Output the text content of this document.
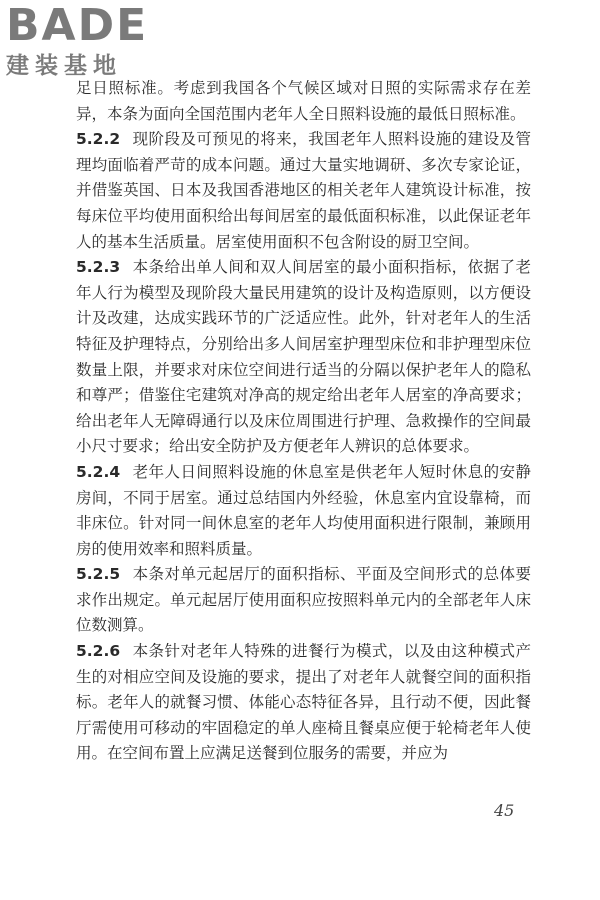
BADE
建装基地

足日照标准。考虑到我国各个气候区域对日照的实际需求存在差异，本条为面向全国范围内老年人全日照料设施的最低日照标准。

5.2.2 现阶段及可预见的将来，我国老年人照料设施的建设及管理均面临着严苛的成本问题。通过大量实地调研、多次专家论证，并借鉴英国、日本及我国香港地区的相关老年人建筑设计标准，按每床位平均使用面积给出每间居室的最低面积标准，以此保证老年人的基本生活质量。居室使用面积不包含附设的厨卫空间。

5.2.3 本条给出单人间和双人间居室的最小面积指标，依据了老年人行为模型及现阶段大量民用建筑的设计及构造原则，以方便设计及改建，达成实践环节的广泛适应性。此外，针对老年人的生活特征及护理特点，分别给出多人间居室护理型床位和非护理型床位数量上限，并要求对床位空间进行适当的分隔以保护老年人的隐私和尊严；借鉴住宅建筑对净高的规定给出老年人居室的净高要求；给出老年人无障碍通行以及床位周围进行护理、急救操作的空间最小尺寸要求；给出安全防护及方便老年人辨识的总体要求。

5.2.4 老年人日间照料设施的休息室是供老年人短时休息的安静房间，不同于居室。通过总结国内外经验，休息室内宜设靠椅，而非床位。针对同一间休息室的老年人均使用面积进行限制，兼顾用房的使用效率和照料质量。

5.2.5 本条对单元起居厅的面积指标、平面及空间形式的总体要求作出规定。单元起居厅使用面积应按照料单元内的全部老年人床位数测算。

5.2.6 本条针对老年人特殊的进餐行为模式，以及由这种模式产生的对相应空间及设施的要求，提出了对老年人就餐空间的面积指标。老年人的就餐习惯、体能心态特征各异，且行动不便，因此餐厅需使用可移动的牢固稳定的单人座椅且餐桌应便于轮椅老年人使用。在空间布置上应满足送餐到位服务的需要，并应为

45
